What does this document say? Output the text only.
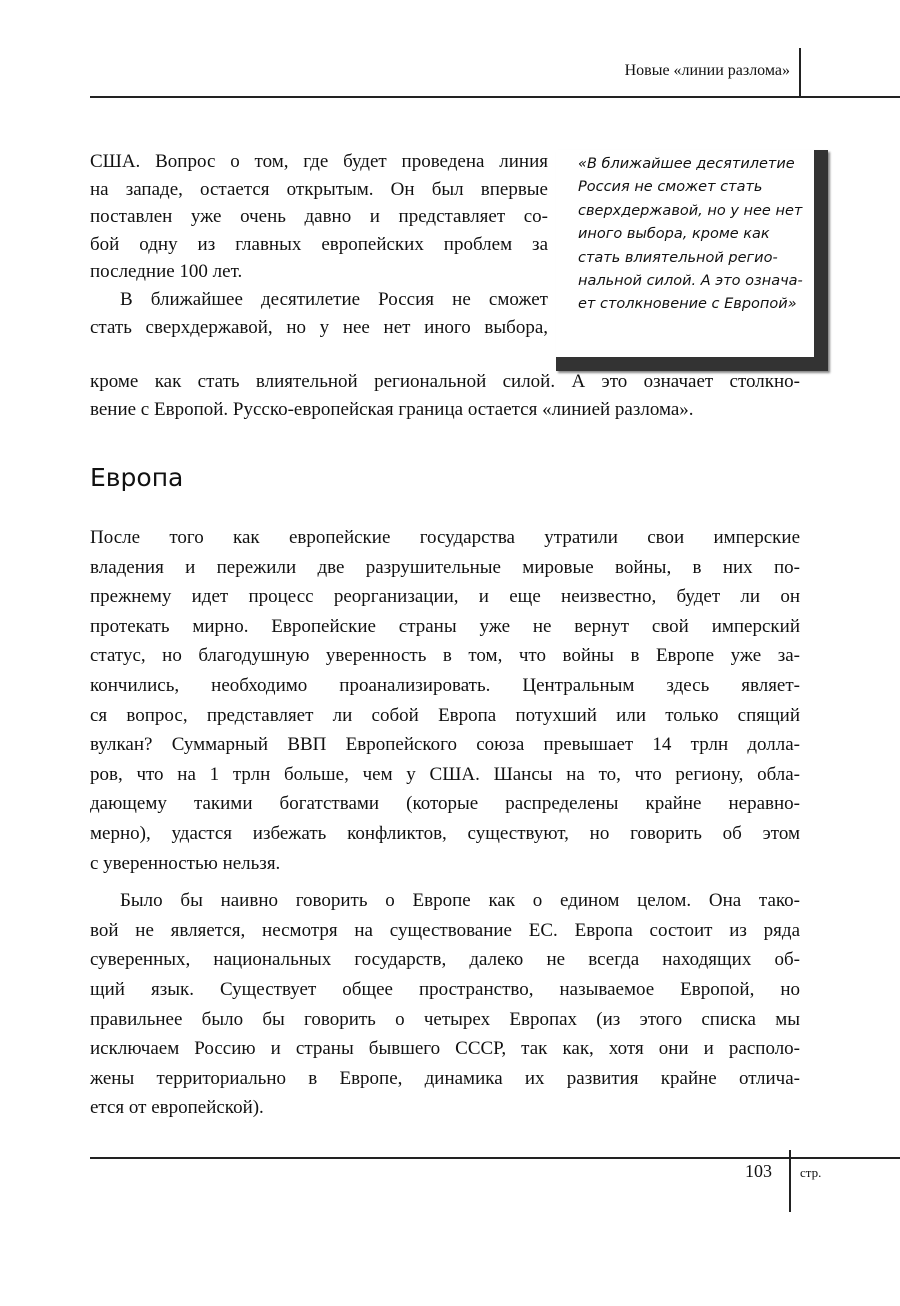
Новые «линии разлома»
США. Вопрос о том, где будет проведена линия
на западе, остается открытым. Он был впервые
поставлен уже очень давно и представляет со-
бой одну из главных европейских проблем за
последние 100 лет.
В ближайшее десятилетие Россия не сможет
стать сверхдержавой, но у нее нет иного выбора,
кроме как стать влиятельной региональной силой. А это означает столкно-
вение с Европой. Русско-европейская граница остается «линией разлома».
«В ближайшее десятилетие
Россия не сможет стать
сверхдержавой, но у нее нет
иного выбора, кроме как
стать влиятельной регио-
нальной силой. А это означа-
ет столкновение с Европой»
Европа
После того как европейские государства утратили свои имперские
владения и пережили две разрушительные мировые войны, в них по-
прежнему идет процесс реорганизации, и еще неизвестно, будет ли он
протекать мирно. Европейские страны уже не вернут свой имперский
статус, но благодушную уверенность в том, что войны в Европе уже за-
кончились, необходимо проанализировать. Центральным здесь являет-
ся вопрос, представляет ли собой Европа потухший или только спящий
вулкан? Суммарный ВВП Европейского союза превышает 14 трлн долла-
ров, что на 1 трлн больше, чем у США. Шансы на то, что региону, обла-
дающему такими богатствами (которые распределены крайне неравно-
мерно), удастся избежать конфликтов, существуют, но говорить об этом
с уверенностью нельзя.
Было бы наивно говорить о Европе как о едином целом. Она тако-
вой не является, несмотря на существование ЕС. Европа состоит из ряда
суверенных, национальных государств, далеко не всегда находящих об-
щий язык. Существует общее пространство, называемое Европой, но
правильнее было бы говорить о четырех Европах (из этого списка мы
исключаем Россию и страны бывшего СССР, так как, хотя они и располо-
жены территориально в Европе, динамика их развития крайне отлича-
ется от европейской).
103 стр.
